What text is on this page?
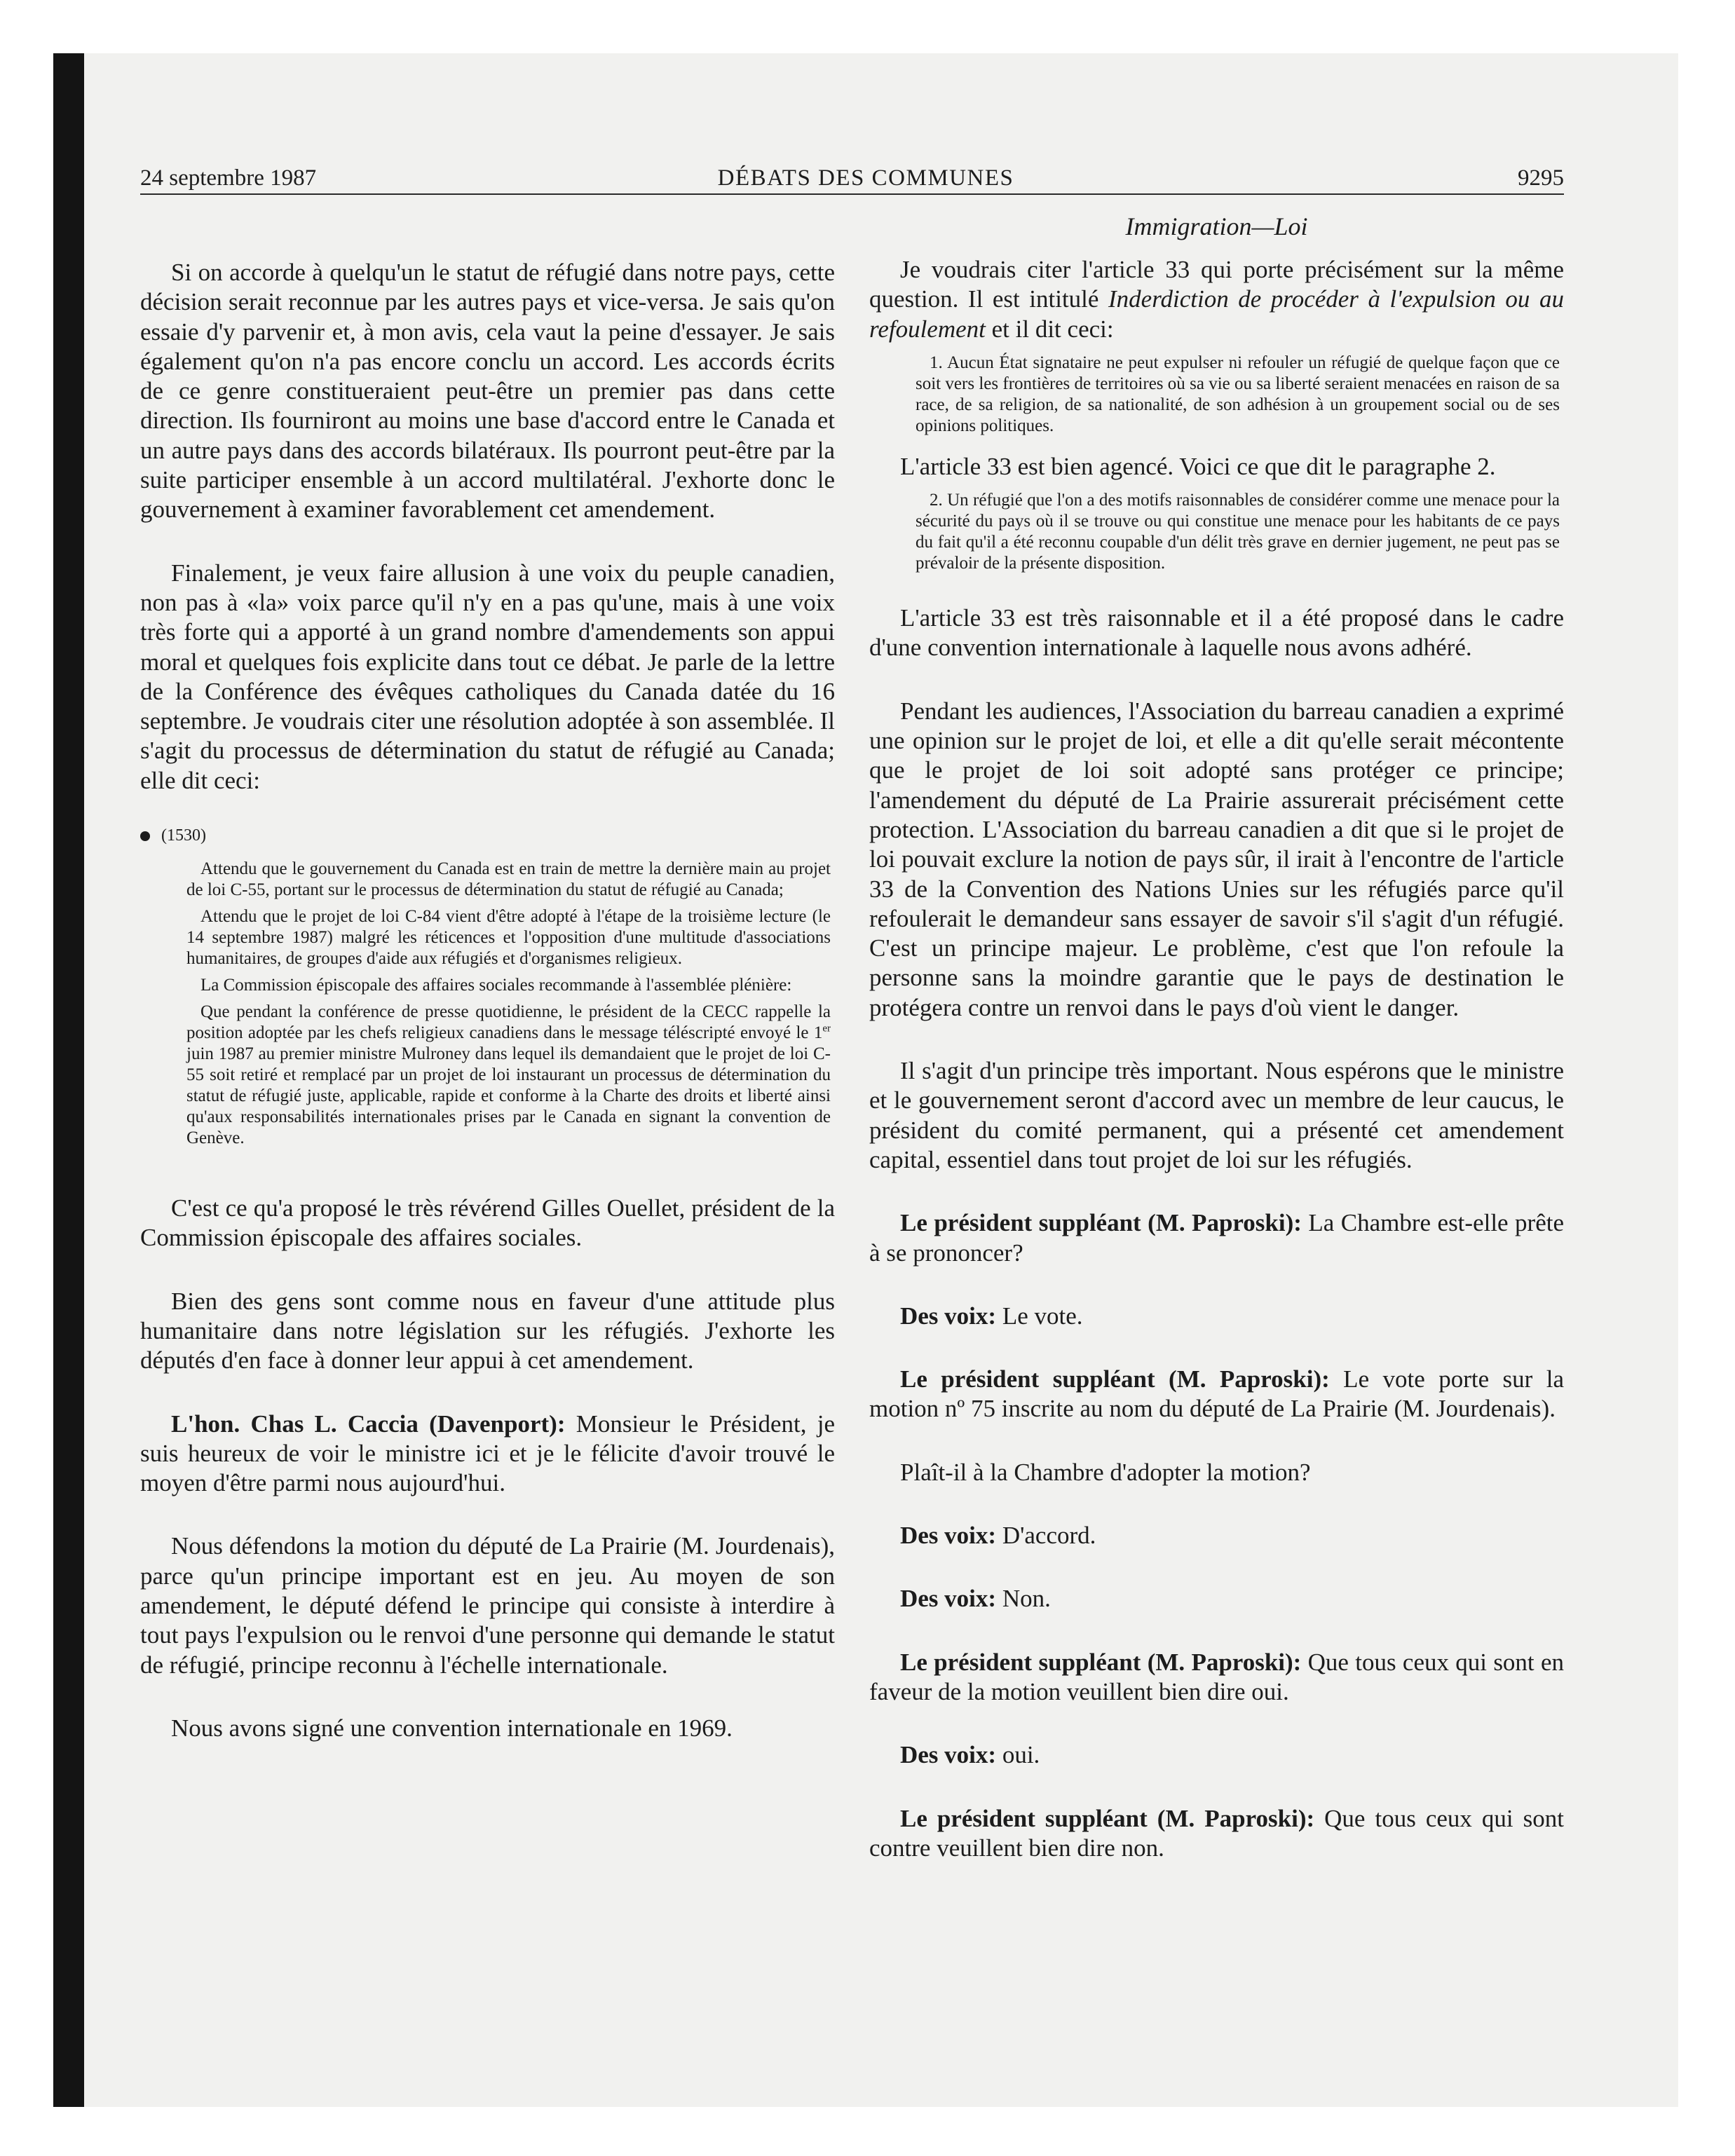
24 septembre 1987	DÉBATS DES COMMUNES	9295
Immigration—Loi

Si on accorde à quelqu'un le statut de réfugié dans notre pays, cette décision serait reconnue par les autres pays et vice-versa. Je sais qu'on essaie d'y parvenir et, à mon avis, cela vaut la peine d'essayer. Je sais également qu'on n'a pas encore conclu un accord. Les accords écrits de ce genre constitueraient peut-être un premier pas dans cette direction. Ils fourniront au moins une base d'accord entre le Canada et un autre pays dans des accords bilatéraux. Ils pourront peut-être par la suite participer ensemble à un accord multilatéral. J'exhorte donc le gouvernement à examiner favorablement cet amendement.

Finalement, je veux faire allusion à une voix du peuple canadien, non pas à «la» voix parce qu'il n'y en a pas qu'une, mais à une voix très forte qui a apporté à un grand nombre d'amendements son appui moral et quelques fois explicite dans tout ce débat. Je parle de la lettre de la Conférence des évêques catholiques du Canada datée du 16 septembre. Je voudrais citer une résolution adoptée à son assemblée. Il s'agit du processus de détermination du statut de réfugié au Canada; elle dit ceci:

(1530)

Attendu que le gouvernement du Canada est en train de mettre la dernière main au projet de loi C-55, portant sur le processus de détermination du statut de réfugié au Canada;

Attendu que le projet de loi C-84 vient d'être adopté à l'étape de la troisième lecture (le 14 septembre 1987) malgré les réticences et l'opposition d'une multitude d'associations humanitaires, de groupes d'aide aux réfugiés et d'organismes religieux.

La Commission épiscopale des affaires sociales recommande à l'assemblée plénière:

Que pendant la conférence de presse quotidienne, le président de la CECC rappelle la position adoptée par les chefs religieux canadiens dans le message téléscripté envoyé le 1er juin 1987 au premier ministre Mulroney dans lequel ils demandaient que le projet de loi C-55 soit retiré et remplacé par un projet de loi instaurant un processus de détermination du statut de réfugié juste, applicable, rapide et conforme à la Charte des droits et liberté ainsi qu'aux responsabilités internationales prises par le Canada en signant la convention de Genève.

C'est ce qu'a proposé le très révérend Gilles Ouellet, président de la Commission épiscopale des affaires sociales.

Bien des gens sont comme nous en faveur d'une attitude plus humanitaire dans notre législation sur les réfugiés. J'exhorte les députés d'en face à donner leur appui à cet amendement.

L'hon. Chas L. Caccia (Davenport): Monsieur le Président, je suis heureux de voir le ministre ici et je le félicite d'avoir trouvé le moyen d'être parmi nous aujourd'hui.

Nous défendons la motion du député de La Prairie (M. Jourdenais), parce qu'un principe important est en jeu. Au moyen de son amendement, le député défend le principe qui consiste à interdire à tout pays l'expulsion ou le renvoi d'une personne qui demande le statut de réfugié, principe reconnu à l'échelle internationale.

Nous avons signé une convention internationale en 1969.

Je voudrais citer l'article 33 qui porte précisément sur la même question. Il est intitulé Inderdiction de procéder à l'expulsion ou au refoulement et il dit ceci:

1. Aucun État signataire ne peut expulser ni refouler un réfugié de quelque façon que ce soit vers les frontières de territoires où sa vie ou sa liberté seraient menacées en raison de sa race, de sa religion, de sa nationalité, de son adhésion à un groupement social ou de ses opinions politiques.

L'article 33 est bien agencé. Voici ce que dit le paragraphe 2.

2. Un réfugié que l'on a des motifs raisonnables de considérer comme une menace pour la sécurité du pays où il se trouve ou qui constitue une menace pour les habitants de ce pays du fait qu'il a été reconnu coupable d'un délit très grave en dernier jugement, ne peut pas se prévaloir de la présente disposition.

L'article 33 est très raisonnable et il a été proposé dans le cadre d'une convention internationale à laquelle nous avons adhéré.

Pendant les audiences, l'Association du barreau canadien a exprimé une opinion sur le projet de loi, et elle a dit qu'elle serait mécontente que le projet de loi soit adopté sans protéger ce principe; l'amendement du député de La Prairie assurerait précisément cette protection. L'Association du barreau canadien a dit que si le projet de loi pouvait exclure la notion de pays sûr, il irait à l'encontre de l'article 33 de la Convention des Nations Unies sur les réfugiés parce qu'il refoulerait le demandeur sans essayer de savoir s'il s'agit d'un réfugié. C'est un principe majeur. Le problème, c'est que l'on refoule la personne sans la moindre garantie que le pays de destination le protégera contre un renvoi dans le pays d'où vient le danger.

Il s'agit d'un principe très important. Nous espérons que le ministre et le gouvernement seront d'accord avec un membre de leur caucus, le président du comité permanent, qui a présenté cet amendement capital, essentiel dans tout projet de loi sur les réfugiés.

Le président suppléant (M. Paproski): La Chambre est-elle prête à se prononcer?

Des voix: Le vote.

Le président suppléant (M. Paproski): Le vote porte sur la motion nº 75 inscrite au nom du député de La Prairie (M. Jourdenais).

Plaît-il à la Chambre d'adopter la motion?

Des voix: D'accord.

Des voix: Non.

Le président suppléant (M. Paproski): Que tous ceux qui sont en faveur de la motion veuillent bien dire oui.

Des voix: oui.

Le président suppléant (M. Paproski): Que tous ceux qui sont contre veuillent bien dire non.
